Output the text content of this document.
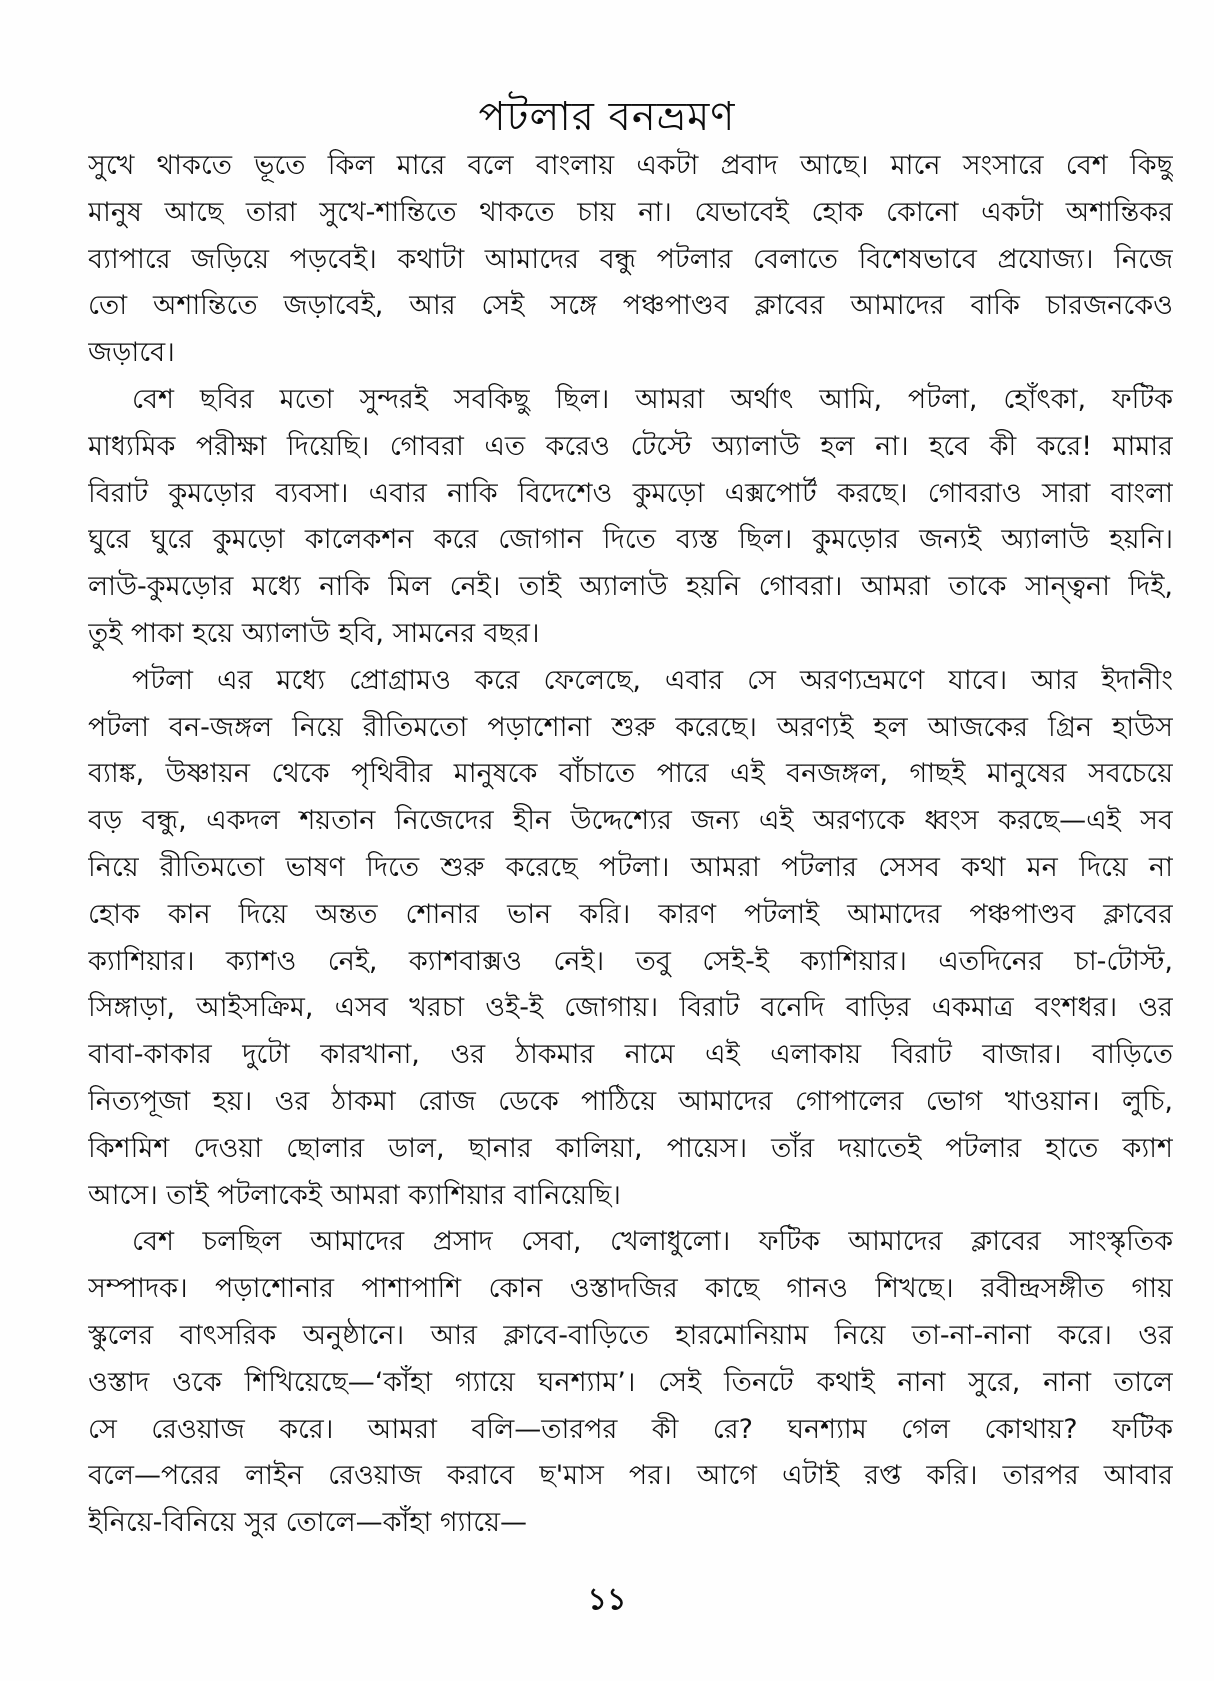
পটলার বনভ্রমণ
সুখে থাকতে ভূতে কিল মারে বলে বাংলায় একটা প্রবাদ আছে। মানে সংসারে বেশ কিছু
মানুষ আছে তারা সুখে-শান্তিতে থাকতে চায় না। যেভাবেই হোক কোনো একটা অশান্তিকর
ব্যাপারে জড়িয়ে পড়বেই। কথাটা আমাদের বন্ধু পটলার বেলাতে বিশেষভাবে প্রযোজ্য। নিজে
তো অশান্তিতে জড়াবেই, আর সেই সঙ্গে পঞ্চপাণ্ডব ক্লাবের আমাদের বাকি চারজনকেও
জড়াবে।
বেশ ছবির মতো সুন্দরই সবকিছু ছিল। আমরা অর্থাৎ আমি, পটলা, হোঁৎকা, ফটিক
মাধ্যমিক পরীক্ষা দিয়েছি। গোবরা এত করেও টেস্টে অ্যালাউ হল না। হবে কী করে! মামার
বিরাট কুমড়োর ব্যবসা। এবার নাকি বিদেশেও কুমড়ো এক্সপোর্ট করছে। গোবরাও সারা বাংলা
ঘুরে ঘুরে কুমড়ো কালেকশন করে জোগান দিতে ব্যস্ত ছিল। কুমড়োর জন্যই অ্যালাউ হয়নি।
লাউ-কুমড়োর মধ্যে নাকি মিল নেই। তাই অ্যালাউ হয়নি গোবরা। আমরা তাকে সান্ত্বনা দিই,
তুই পাকা হয়ে অ্যালাউ হবি, সামনের বছর।
পটলা এর মধ্যে প্রোগ্রামও করে ফেলেছে, এবার সে অরণ্যভ্রমণে যাবে। আর ইদানীং
পটলা বন-জঙ্গল নিয়ে রীতিমতো পড়াশোনা শুরু করেছে। অরণ্যই হল আজকের গ্রিন হাউস
ব্যাঙ্ক, উষ্ণায়ন থেকে পৃথিবীর মানুষকে বাঁচাতে পারে এই বনজঙ্গল, গাছই মানুষের সবচেয়ে
বড় বন্ধু, একদল শয়তান নিজেদের হীন উদ্দেশ্যের জন্য এই অরণ্যকে ধ্বংস করছে—এই সব
নিয়ে রীতিমতো ভাষণ দিতে শুরু করেছে পটলা। আমরা পটলার সেসব কথা মন দিয়ে না
হোক কান দিয়ে অন্তত শোনার ভান করি। কারণ পটলাই আমাদের পঞ্চপাণ্ডব ক্লাবের
ক্যাশিয়ার। ক্যাশও নেই, ক্যাশবাক্সও নেই। তবু সেই-ই ক্যাশিয়ার। এতদিনের চা-টোস্ট,
সিঙ্গাড়া, আইসক্রিম, এসব খরচা ওই-ই জোগায়। বিরাট বনেদি বাড়ির একমাত্র বংশধর। ওর
বাবা-কাকার দুটো কারখানা, ওর ঠাকমার নামে এই এলাকায় বিরাট বাজার। বাড়িতে
নিত্যপূজা হয়। ওর ঠাকমা রোজ ডেকে পাঠিয়ে আমাদের গোপালের ভোগ খাওয়ান। লুচি,
কিশমিশ দেওয়া ছোলার ডাল, ছানার কালিয়া, পায়েস। তাঁর দয়াতেই পটলার হাতে ক্যাশ
আসে। তাই পটলাকেই আমরা ক্যাশিয়ার বানিয়েছি।
বেশ চলছিল আমাদের প্রসাদ সেবা, খেলাধুলো। ফটিক আমাদের ক্লাবের সাংস্কৃতিক
সম্পাদক। পড়াশোনার পাশাপাশি কোন ওস্তাদজির কাছে গানও শিখছে। রবীন্দ্রসঙ্গীত গায়
স্কুলের বাৎসরিক অনুষ্ঠানে। আর ক্লাবে-বাড়িতে হারমোনিয়াম নিয়ে তা-না-নানা করে। ওর
ওস্তাদ ওকে শিখিয়েছে—‘কাঁহা গ্যায়ে ঘনশ্যাম’। সেই তিনটে কথাই নানা সুরে, নানা তালে
সে রেওয়াজ করে। আমরা বলি—তারপর কী রে? ঘনশ্যাম গেল কোথায়? ফটিক
বলে—পরের লাইন রেওয়াজ করাবে ছ'মাস পর। আগে এটাই রপ্ত করি। তারপর আবার
ইনিয়ে-বিনিয়ে সুর তোলে—কাঁহা গ্যায়ে—
১১
